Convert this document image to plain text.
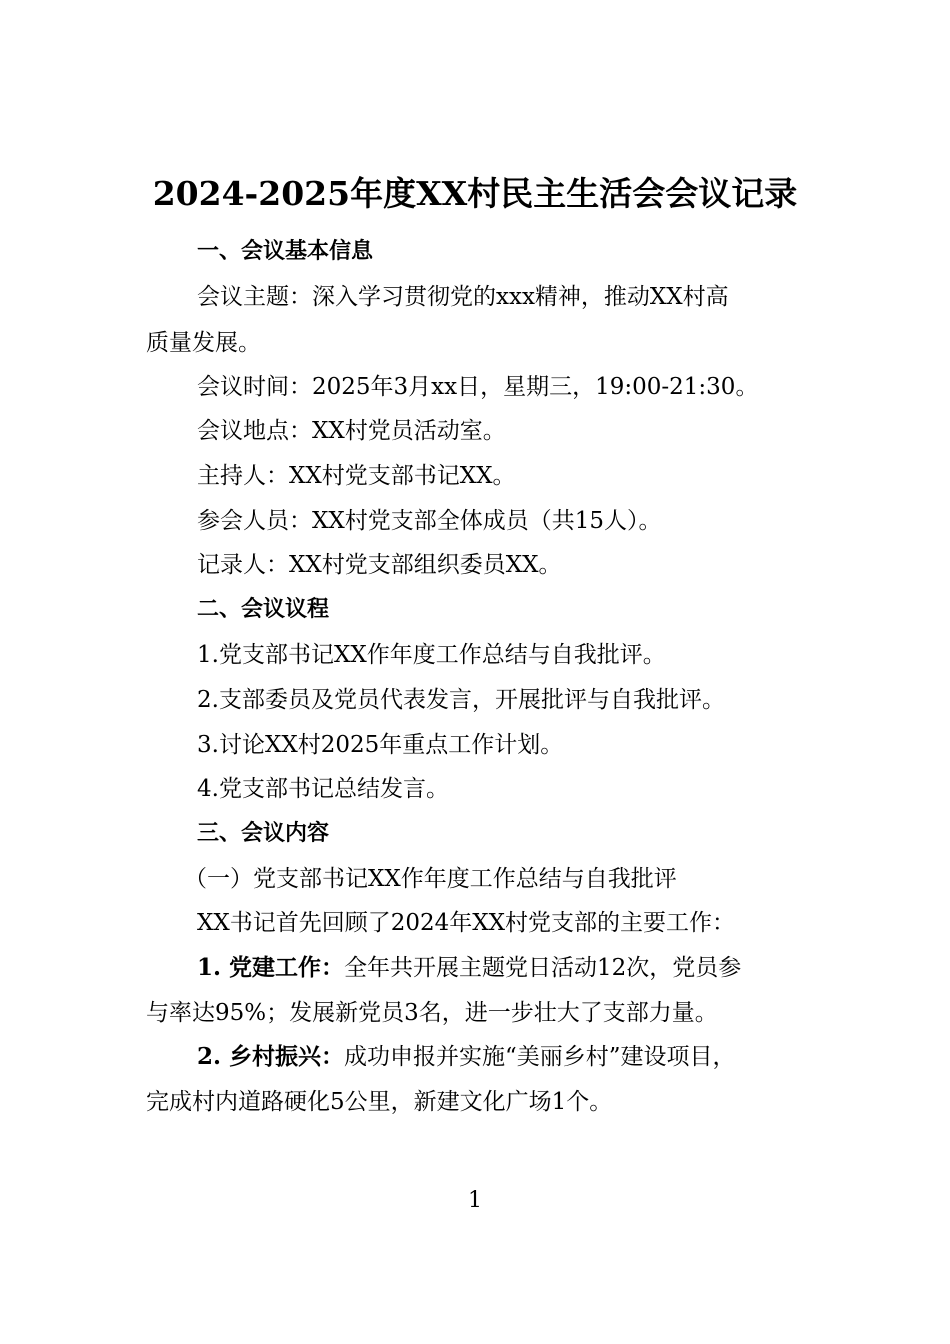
2024-2025年度XX村民主生活会会议记录
一、会议基本信息
会议主题：深入学习贯彻党的xxx精神，推动XX村高
质量发展。
会议时间：2025年3月xx日，星期三，19:00-21:30。
会议地点：XX村党员活动室。
主持人：XX村党支部书记XX。
参会人员：XX村党支部全体成员（共15人）。
记录人：XX村党支部组织委员XX。
二、会议议程
1.党支部书记XX作年度工作总结与自我批评。
2.支部委员及党员代表发言，开展批评与自我批评。
3.讨论XX村2025年重点工作计划。
4.党支部书记总结发言。
三、会议内容
（一）党支部书记XX作年度工作总结与自我批评
XX书记首先回顾了2024年XX村党支部的主要工作：
1. 党建工作：全年共开展主题党日活动12次，党员参
与率达95%；发展新党员3名，进一步壮大了支部力量。
2. 乡村振兴：成功申报并实施“美丽乡村”建设项目，
完成村内道路硬化5公里，新建文化广场1个。
1
